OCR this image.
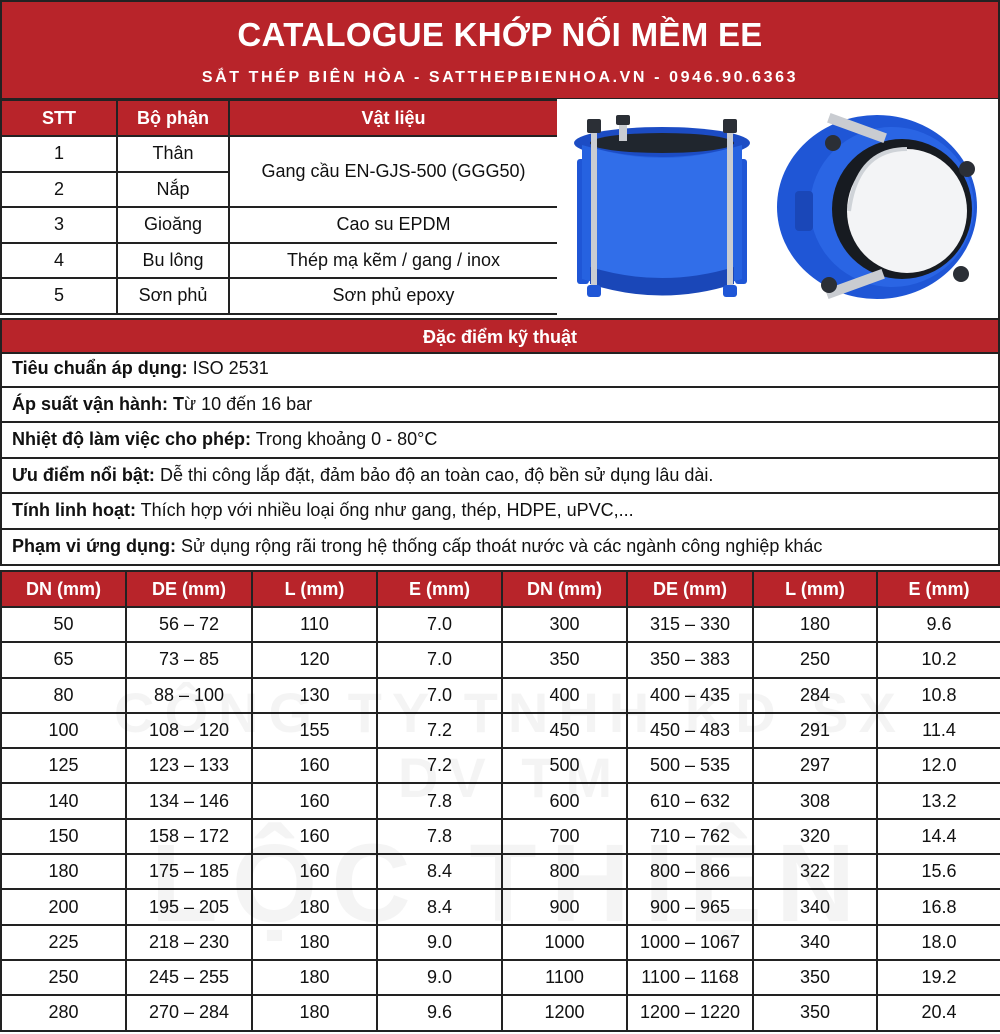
CATALOGUE KHỚP NỐI MỀM EE
SẮT THÉP BIÊN HÒA - SATTHEPBIENHOA.VN - 0946.90.6363
STT	Bộ phận	Vật liệu
1	Thân	Gang cầu EN-GJS-500 (GGG50)
2	Nắp	
3	Gioăng	Cao su EPDM
4	Bu lông	Thép mạ kẽm / gang / inox
5	Sơn phủ	Sơn phủ epoxy
Đặc điểm kỹ thuật
Tiêu chuẩn áp dụng: ISO 2531
Áp suất vận hành: Từ 10 đến 16 bar
Nhiệt độ làm việc cho phép: Trong khoảng 0 - 80°C
Ưu điểm nổi bật: Dễ thi công lắp đặt, đảm bảo độ an toàn cao, độ bền sử dụng lâu dài.
Tính linh hoạt: Thích hợp với nhiều loại ống như gang, thép, HDPE, uPVC,...
Phạm vi ứng dụng: Sử dụng rộng rãi trong hệ thống cấp thoát nước và các ngành công nghiệp khác
DN (mm)	DE (mm)	L (mm)	E (mm)	DN (mm)	DE (mm)	L (mm)	E (mm)
50	56 – 72	110	7.0	300	315 – 330	180	9.6
65	73 – 85	120	7.0	350	350 – 383	250	10.2
80	88 – 100	130	7.0	400	400 – 435	284	10.8
100	108 – 120	155	7.2	450	450 – 483	291	11.4
125	123 – 133	160	7.2	500	500 – 535	297	12.0
140	134 – 146	160	7.8	600	610 – 632	308	13.2
150	158 – 172	160	7.8	700	710 – 762	320	14.4
180	175 – 185	160	8.4	800	800 – 866	322	15.6
200	195 – 205	180	8.4	900	900 – 965	340	16.8
225	218 – 230	180	9.0	1000	1000 – 1067	340	18.0
250	245 – 255	180	9.0	1100	1100 – 1168	350	19.2
280	270 – 284	180	9.6	1200	1200 – 1220	350	20.4
